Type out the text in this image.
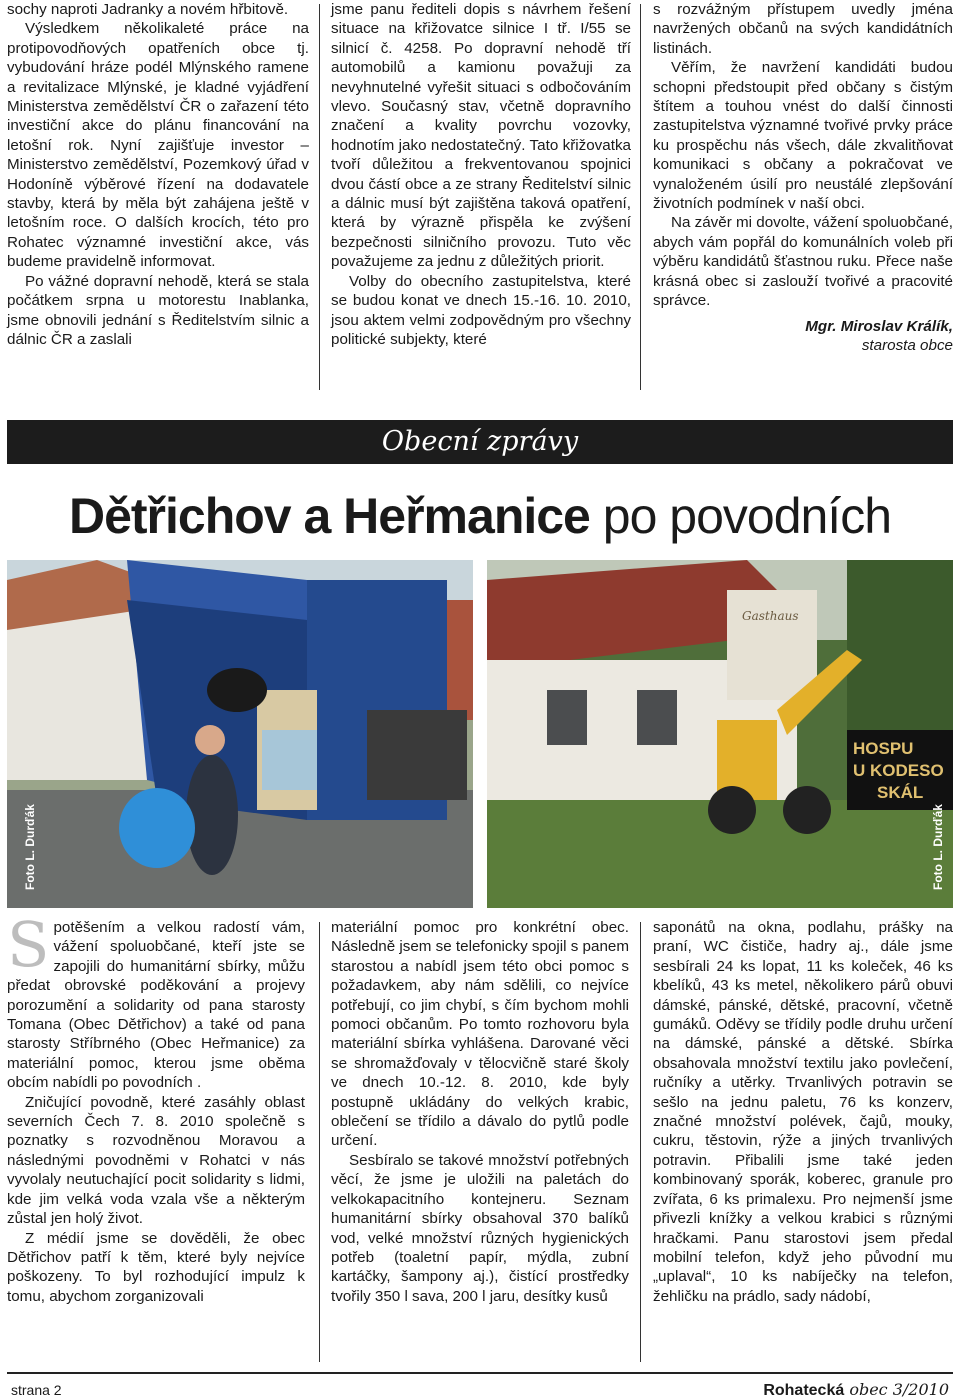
sochy naproti Jadranky a novém hřbitově.

Výsledkem několikaleté práce na protipovodňových opatřeních obce tj. vybudování hráze podél Mlýnského ramene a revitalizace Mlýnské, je kladné vyjádření Ministerstva zemědělství ČR o zařazení této investiční akce do plánu financování na letošní rok. Nyní zajišťuje investor – Ministerstvo zemědělství, Pozemkový úřad v Hodoníně výběrové řízení na dodavatele stavby, která by měla být zahájena ještě v letošním roce. O dalších krocích, této pro Rohatec významné investiční akce, vás budeme pravidelně informovat.

Po vážné dopravní nehodě, která se stala počátkem srpna u motorestu Inablanka, jsme obnovili jednání s Ředitelstvím silnic a dálnic ČR a zaslali

jsme panu řediteli dopis s návrhem řešení situace na křižovatce silnice I tř. I/55 se silnicí č. 4258. Po dopravní nehodě tří automobilů a kamionu považuji za nevyhnutelné vyřešit situaci s odbočováním vlevo. Současný stav, včetně dopravního značení a kvality povrchu vozovky, hodnotím jako nedostatečný. Tato křižovatka tvoří důležitou a frekventovanou spojnici dvou částí obce a ze strany Ředitelství silnic a dálnic musí být zajištěna taková opatření, která by výrazně přispěla ke zvýšení bezpečnosti silničního provozu. Tuto věc považujeme za jednu z důležitých priorit.

Volby do obecního zastupitelstva, které se budou konat ve dnech 15.-16. 10. 2010, jsou aktem velmi zodpovědným pro všechny politické subjekty, které

s rozvážným přístupem uvedly jména navržených občanů na svých kandidátních listinách.

Věřím, že navržení kandidáti budou schopni předstoupit před občany s čistým štítem a touhou vnést do další činnosti zastupitelstva významné tvořivé prvky práce ku prospěchu nás všech, dále zkvalitňovat komunikaci s občany a pokračovat ve vynaloženém úsilí pro neustálé zlepšování životních podmínek v naší obci.

Na závěr mi dovolte, vážení spoluobčané, abych vám popřál do komunálních voleb při výběru kandidátů šťastnou ruku. Přece naše krásná obec si zaslouží tvořivé a pracovité správce.

Mgr. Miroslav Králík,

starosta obce

Obecní zprávy
Dětřichov a Heřmanice po povodních
Foto L. Durďák
HOSPU
U KODESO
SKÁL
Gasthaus
Foto L. Durďák

Spotěšením a velkou radostí vám, vážení spoluobčané, kteří jste se zapojili do humanitární sbírky, můžu předat obrovské poděkování a projevy porozumění a solidarity od pana starosty Tomana (Obec Dětřichov) a také od pana starosty Stříbrného (Obec Heřmanice) za materiální pomoc, kterou jsme oběma obcím nabídli po povodních .

Zničující povodně, které zasáhly oblast severních Čech 7. 8. 2010 společně s poznatky s rozvodněnou Moravou a následnými povodněmi v Rohatci v nás vyvolaly neutuchající pocit solidarity s lidmi, kde jim velká voda vzala vše a některým zůstal jen holý život.

Z médií jsme se dověděli, že obec Dětřichov patří k těm, které byly nejvíce poškozeny. To byl rozhodující impulz k tomu, abychom zorganizovali

materiální pomoc pro konkrétní obec. Následně jsem se telefonicky spojil s panem starostou a nabídl jsem této obci pomoc s požadavkem, aby nám sdělili, co nejvíce potřebují, co jim chybí, s čím bychom mohli pomoci občanům. Po tomto rozhovoru byla materiální sbírka vyhlášena. Darované věci se shromažďovaly v tělocvičně staré školy ve dnech 10.-12. 8. 2010, kde byly postupně ukládány do velkých krabic, oblečení se třídilo a dávalo do pytlů podle určení.

Sesbíralo se takové množství potřebných věcí, že jsme je uložili na paletách do velkokapacitního kontejneru. Seznam humanitární sbírky obsahoval 370 balíků vod, velké množství různých hygienických potřeb (toaletní papír, mýdla, zubní kartáčky, šampony aj.), čistící prostředky tvořily 350 l sava, 200 l jaru, desítky kusů

saponátů na okna, podlahu, prášky na praní, WC čističe, hadry aj., dále jsme sesbírali 24 ks lopat, 11 ks koleček, 46 ks kbelíků, 43 ks metel, několikero párů obuvi dámské, pánské, dětské, pracovní, včetně gumáků. Oděvy se třídily podle druhu určení na dámské, pánské a dětské. Sbírka obsahovala množství textilu jako povlečení, ručníky a utěrky. Trvanlivých potravin se sešlo na jednu paletu, 76 ks konzerv, značné množství polévek, čajů, mouky, cukru, těstovin, rýže a jiných trvanlivých potravin. Přibalili jsme také jeden kombinovaný sporák, koberec, granule pro zvířata, 6 ks primalexu. Pro nejmenší jsme přivezli knížky a velkou krabici s různými hračkami. Panu starostovi jsem předal mobilní telefon, když jeho původní mu „uplaval“, 10 ks nabíječky na telefon, žehličku na prádlo, sady nádobí,

strana 2	Rohatecká obec 3/2010
